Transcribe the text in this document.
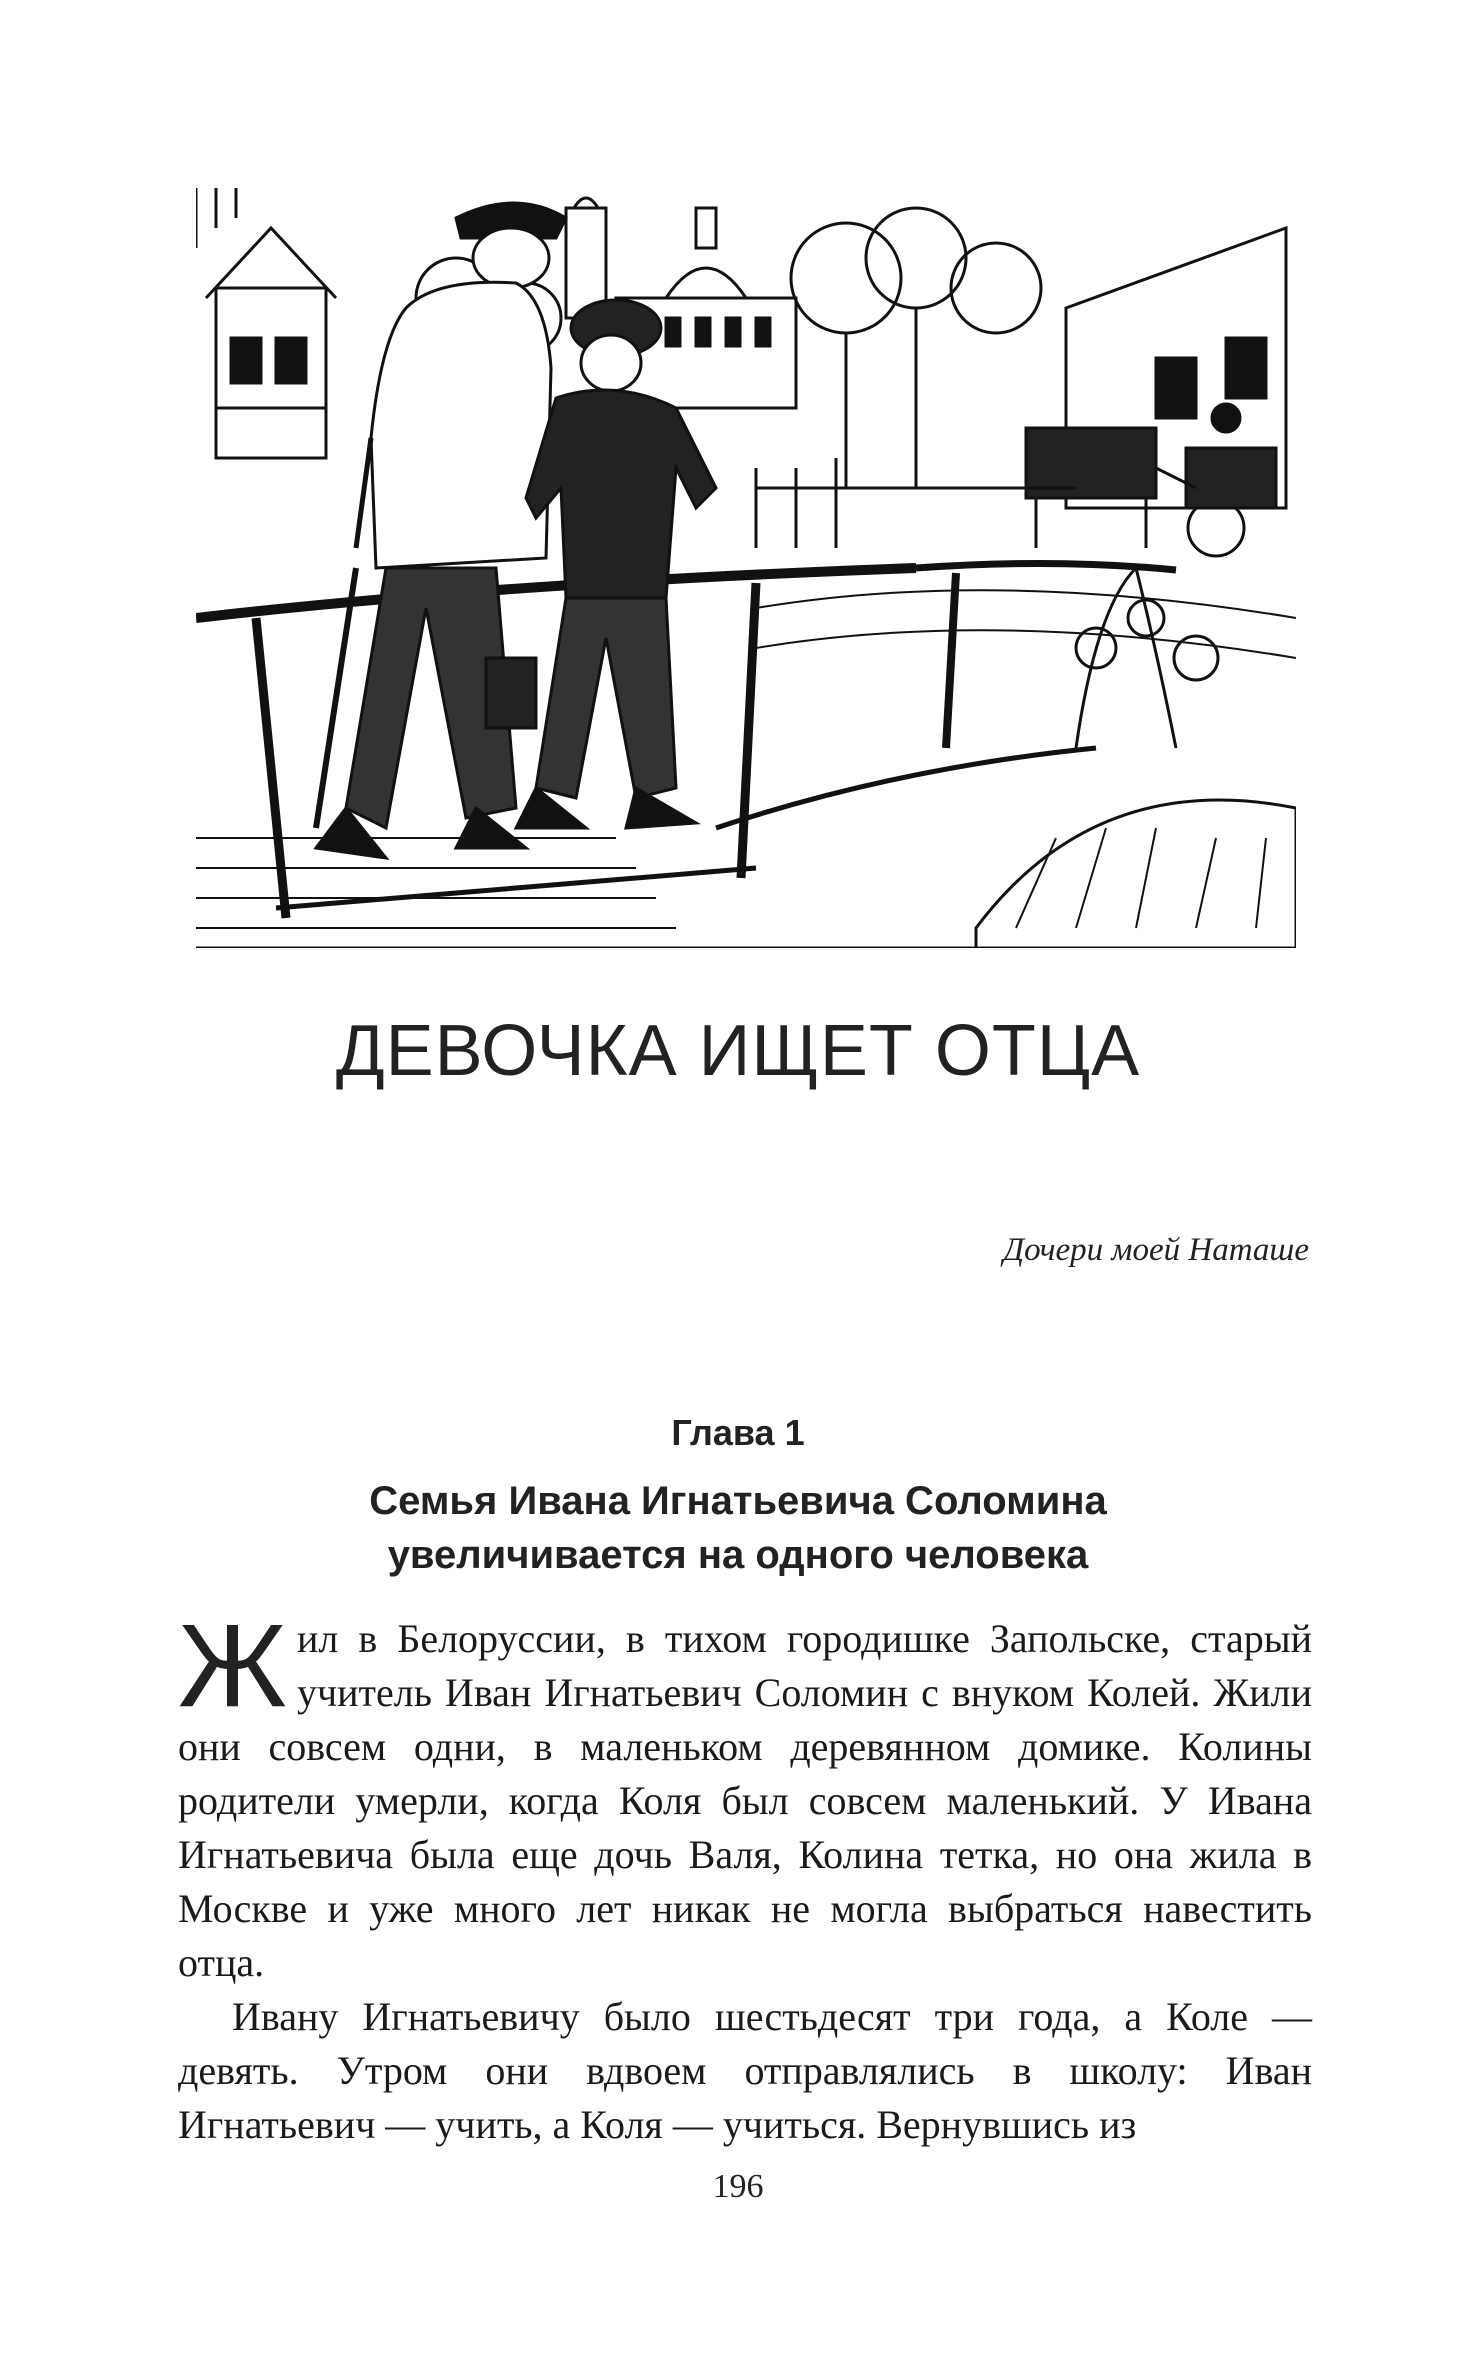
ДЕВОЧКА ИЩЕТ ОТЦА
Дочери моей Наташе
Глава 1
Семья Ивана Игнатьевича Соломина
увеличивается на одного человека

Жил в Белоруссии, в тихом городишке Запольске, старый учитель Иван Игнатьевич Соломин с внуком Колей. Жили они совсем одни, в маленьком деревянном домике. Колины родители умерли, когда Коля был совсем маленький. У Ивана Игнатьевича была еще дочь Валя, Колина тетка, но она жила в Москве и уже много лет никак не могла выбраться навестить отца.

Ивану Игнатьевичу было шестьдесят три года, а Коле — девять. Утром они вдвоем отправлялись в школу: Иван Игнатьевич — учить, а Коля — учиться. Вернувшись из

196
